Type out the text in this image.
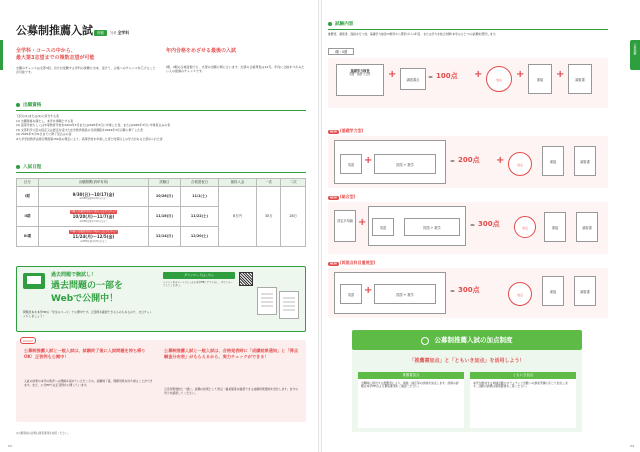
公募制推薦入試 併願 対象 全学科
全学科・コースの中から、
最大第3志望までの複数志望が可能
志願のチャンスは全部3回。自分が受験する学科の併願も出来、受けて、合格へのチャンスを広げることが可能です。
年内合格をめざせる最後の入試
I期、II期の合格者数でも、志望の出願に間に合います。志望の合格発表は12月。年内に合格をつかみたい人の最適のチャンスです。
出願資格
下記の(1)または(2)に該当する者
(1) 出願資格を満たし、本学を専願とする者
(2) 高等学校もしくは中等教育学校を2024年3月または2025年3月に卒業した者、または2025年3月に卒業見込みの者
(3) 文部科学大臣の指定又は認定を受けた在外教育施設の当該課程を2024年3月以降に修了した者
(4) 2025年3月31日までに修了見込みの者
※大学学校教育法施行規則第150条の規定により、高等学校を卒業した者と同等以上の学力があると認められた者
入試日程
区分	出願期間(消印有効)	試験日	合格発表日	最終入金	一次	二次
I期	9/30(日)〜10/17(金)
※WEB出願10/20(日)まで	10/26(日)	11/1(土)	8万円	30万	28万
II期	II期の出願締切前にI期の合否がわかる!
10/20(月)〜11/7(金)
※WEB出願11/10(月)まで	11/16(日)	11/22(土)			
III期	III期の出願締切前にII期の合否がわかる!
11/24(月)〜12/5(金)
※WEB出願12/8(月)まで	12/14(日)	12/20(土)			
過去問題で腕試し！
過去問題の一部を
Webで公開中！
問題見本を本学HPの「学生のページ」で公開中です。正答例を確認できるものもあるので、ぜひチャレンジしましょう！
ダウンロードはこちら
パソコンやスマートフォンから本学HPにアクセスし、ダウンロードしてください。
Check!
公募制推薦入試と一般入試は、試験終了後に入試問題を持ち帰りOK！正答例も公開中！
入試の結果や本学の教育への理解を深めていただくため、試験終了後、問題用紙を持ち帰ることができます。また、公式HPでは正答例を公開しています。
公募制推薦入試と一般入試は、合格発表時に「成績結果通知」と「得点調査分布表」がもらえるから、実力チェックができる！
合否結果通知と一緒に、試験の結果として得点・偏差値等を確認できる成績結果通知を送付します。自分の実力を確認してください。
※出願資格の詳細は募集要項を参照ください。
53
公募推薦
試験内容
推薦書、調査書、面接を行う他、基礎学力検査(3教科から選択)から1科目、または学力を総合判断(本学のひとつ)の試験を選択します。
I期・II期
基礎学力検査
英語・国語 大合計	+	調査書点	= 100点 +	加点	+	面接	+	調査書
NEW (基礎学力型)
英語 +	国語 + 数学	= 200点 +	加点
面接	調査書
NEW (総合型)
評定平均値 +	英語	国語 + 数学	= 300点	加点	面接	調査書
NEW (両面点科目重視型)
英語 +	国語 + 数学	= 300点
加点
面接	調査書
公募制推薦入試の加点制度
「推薦書加点」と「ともいき加点」を活用しよう！
推薦書加点
出願時に提出する推薦書により、資格・検定等の評価を加点します。評価の詳細は本学HPおよび募集要項をご確認ください。
ともいき加点
本学が推奨する地域活動やボランティア活動への参加実績に応じて加点します。活動の詳細は募集要項をご覧ください。
54
